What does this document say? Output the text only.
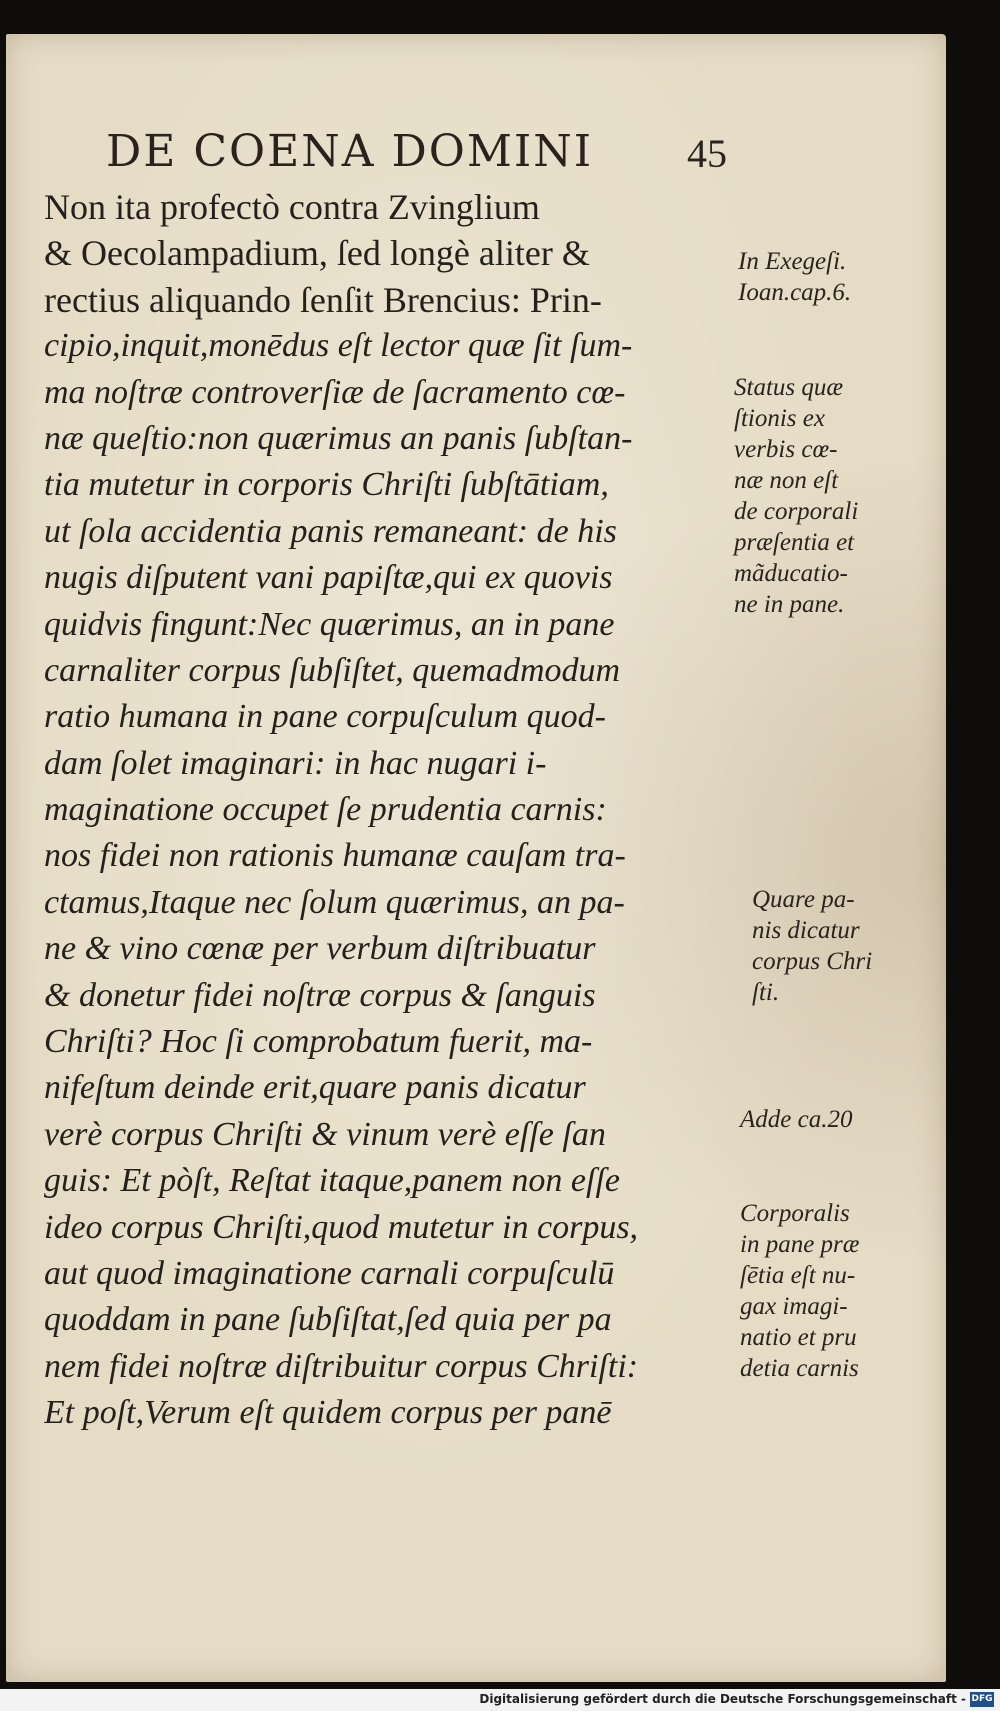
DE COENA DOMINI	45
Non ita profectò contra Zvinglium
& Oecolampadium, ſed longè aliter &
rectius aliquando ſenſit Brencius: Prin-
cipio,inquit,monēdus eſt lector quæ ſit ſum-
ma noſtræ controverſiæ de ſacramento cœ-
næ queſtio:non quærimus an panis ſubſtan-
tia mutetur in corporis Chriſti ſubſtātiam,
ut ſola accidentia panis remaneant: de his
nugis diſputent vani papiſtæ,qui ex quovis
quidvis fingunt:Nec quærimus, an in pane
carnaliter corpus ſubſiſtet, quemadmodum
ratio humana in pane corpuſculum quod-
dam ſolet imaginari: in hac nugari i-
maginatione occupet ſe prudentia carnis:
nos fidei non rationis humanæ cauſam tra-
ctamus,Itaque nec ſolum quærimus, an pa-
ne & vino cœnæ per verbum diſtribuatur
& donetur fidei noſtræ corpus & ſanguis
Chriſti? Hoc ſi comprobatum fuerit, ma-
nifeſtum deinde erit,quare panis dicatur
verè corpus Chriſti & vinum verè eſſe ſan
guis: Et pòſt, Reſtat itaque,panem non eſſe
ideo corpus Chriſti,quod mutetur in corpus,
aut quod imaginatione carnali corpuſculū
quoddam in pane ſubſiſtat,ſed quia per pa
nem fidei noſtræ diſtribuitur corpus Chriſti:
Et poſt,Verum eſt quidem corpus per panē
In Exegeſi.
Ioan.cap.6.
Status quæ
ſtionis ex
verbis cœ-
næ non eſt
de corporali
præſentia et
mãducatio-
ne in pane.
Quare pa-
nis dicatur
corpus Chri
ſti.
Adde ca.20
Corporalis
in pane præ
ſētia eſt nu-
gax imagi-
natio et pru
detia carnis
Digitalisierung gefördert durch die Deutsche Forschungsgemeinschaft - DFG
